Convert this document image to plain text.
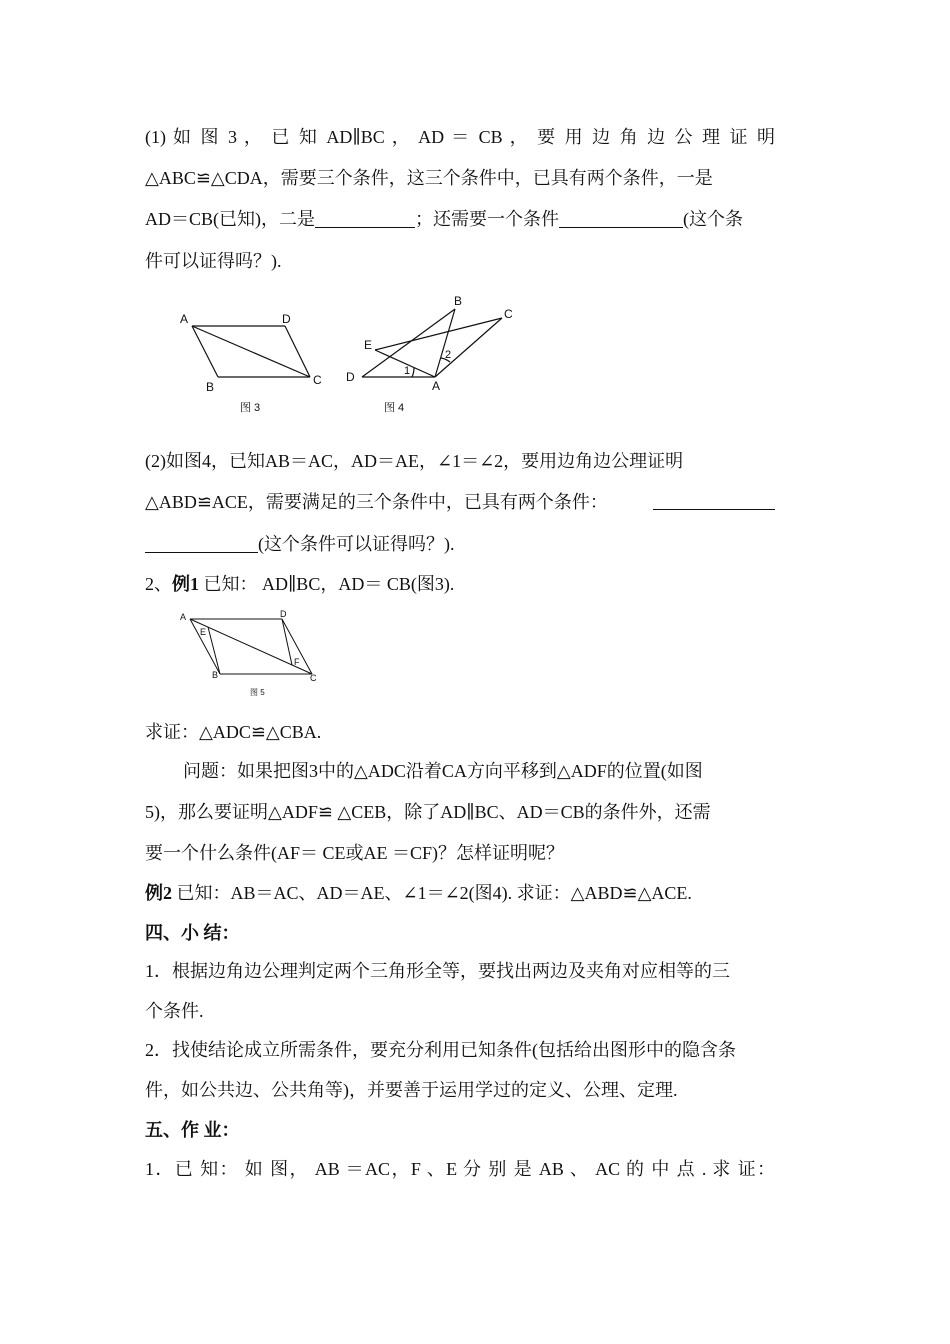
(1) 如 图 3 ， 已 知 AD∥BC ， AD ＝ CB ， 要 用 边 角 边 公 理 证 明
△ABC≌△CDA，需要三个条件，这三个条件中，已具有两个条件，一是
AD＝CB(已知)，二是	；还需要一个条件	(这个条
件可以证得吗？).
A	D
B	C
图 3
B
C
E
D
A
1
2
图 4
(2)如图4，已知AB＝AC，AD＝AE，∠1＝∠2，要用边角边公理证明
△ABD≌ACE，需要满足的三个条件中，已具有两个条件：
(这个条件可以证得吗？).
2、例1 已知： AD∥BC，AD＝ CB(图3).
A
E
D
F
B	C
图 5
求证：△ADC≌△CBA.
问题：如果把图3中的△ADC沿着CA方向平移到△ADF的位置(如图
5)，那么要证明△ADF≌ △CEB，除了AD∥BC、AD＝CB的条件外，还需
要一个什么条件(AF＝ CE或AE ＝CF)？怎样证明呢？
例2 已知：AB＝AC、AD＝AE、∠1＝∠2(图4). 求证：△ABD≌△ACE.
四、小 结：
1．根据边角边公理判定两个三角形全等，要找出两边及夹角对应相等的三
个条件.
2．找使结论成立所需条件，要充分利用已知条件(包括给出图形中的隐含条
件，如公共边、公共角等)，并要善于运用学过的定义、公理、定理.
五、作 业：
1．已 知： 如 图， AB ＝AC，F 、E 分 别 是 AB 、 AC 的 中 点 . 求 证：
